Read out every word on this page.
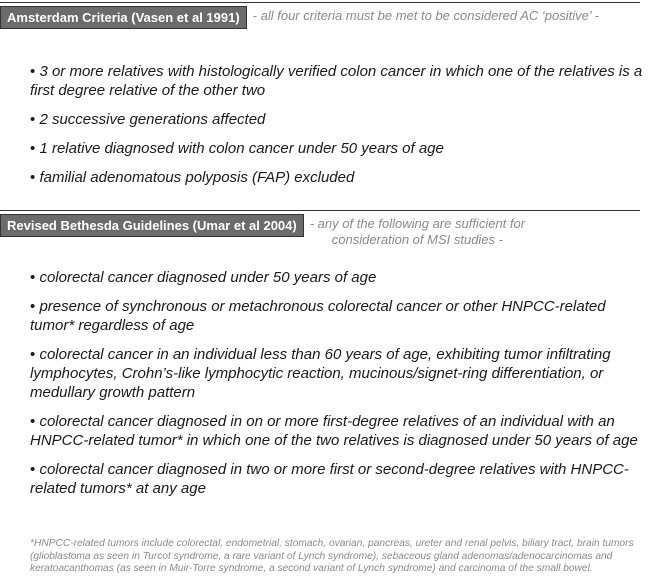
Amsterdam Criteria (Vasen et al 1991)	- all four criteria must be met to be considered AC ‘positive’ -
• 3 or more relatives with histologically verified colon cancer in which one of the relatives is a first degree relative of the other two
• 2 successive generations affected
• 1 relative diagnosed with colon cancer under 50 years of age
• familial adenomatous polyposis (FAP) excluded
Revised Bethesda Guidelines (Umar et al 2004)	- any of the following are sufficient for
consideration of MSI studies -
• colorectal cancer diagnosed under 50 years of age
• presence of synchronous or metachronous colorectal cancer or other HNPCC-related tumor* regardless of age
• colorectal cancer in an individual less than 60 years of age, exhibiting tumor infiltrating lymphocytes, Crohn’s-like lymphocytic reaction, mucinous/signet-ring differentiation, or medullary growth pattern
• colorectal cancer diagnosed in on or more first-degree relatives of an individual with an HNPCC-related tumor* in which one of the two relatives is diagnosed under 50 years of age
• colorectal cancer diagnosed in two or more first or second-degree relatives with HNPCC-related tumors* at any age
*HNPCC-related tumors include colorectal, endometrial, stomach, ovarian, pancreas, ureter and renal pelvis, biliary tract, brain tumors (glioblastoma as seen in Turcot syndrome, a rare variant of Lynch syndrome), sebaceous gland adenomas/adenocarcinomas and keratoacanthomas (as seen in Muir-Torre syndrome, a second variant of Lynch syndrome) and carcinoma of the small bowel.
